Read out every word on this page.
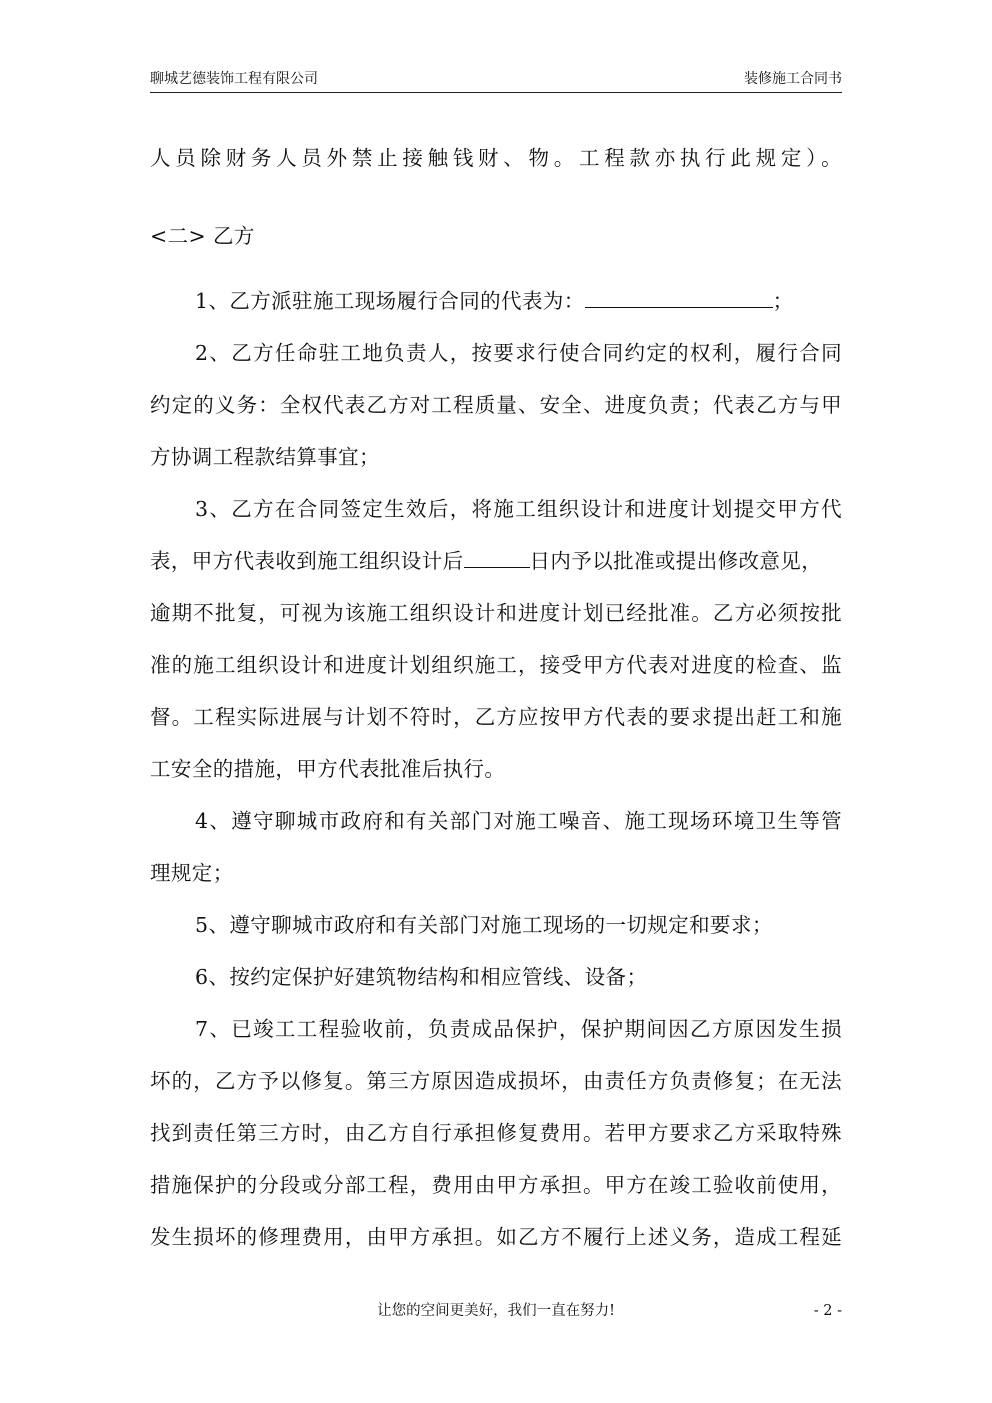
聊城艺德装饰工程有限公司	装修施工合同书
人员除财务人员外禁止接触钱财、物。工程款亦执行此规定）。
<二> 乙方
1、乙方派驻施工现场履行合同的代表为：	；
2、乙方任命驻工地负责人，按要求行使合同约定的权利，履行合同
约定的义务：全权代表乙方对工程质量、安全、进度负责；代表乙方与甲
方协调工程款结算事宜；
3、乙方在合同签定生效后，将施工组织设计和进度计划提交甲方代
表，甲方代表收到施工组织设计后	日内予以批准或提出修改意见，
逾期不批复，可视为该施工组织设计和进度计划已经批准。乙方必须按批
准的施工组织设计和进度计划组织施工，接受甲方代表对进度的检查、监
督。工程实际进展与计划不符时，乙方应按甲方代表的要求提出赶工和施
工安全的措施，甲方代表批准后执行。
4、遵守聊城市政府和有关部门对施工噪音、施工现场环境卫生等管
理规定；
5、遵守聊城市政府和有关部门对施工现场的一切规定和要求；
6、按约定保护好建筑物结构和相应管线、设备；
7、已竣工工程验收前，负责成品保护，保护期间因乙方原因发生损
坏的，乙方予以修复。第三方原因造成损坏，由责任方负责修复；在无法
找到责任第三方时，由乙方自行承担修复费用。若甲方要求乙方采取特殊
措施保护的分段或分部工程，费用由甲方承担。甲方在竣工验收前使用，
发生损坏的修理费用，由甲方承担。如乙方不履行上述义务，造成工程延
让您的空间更美好，我们一直在努力!	- 2 -
